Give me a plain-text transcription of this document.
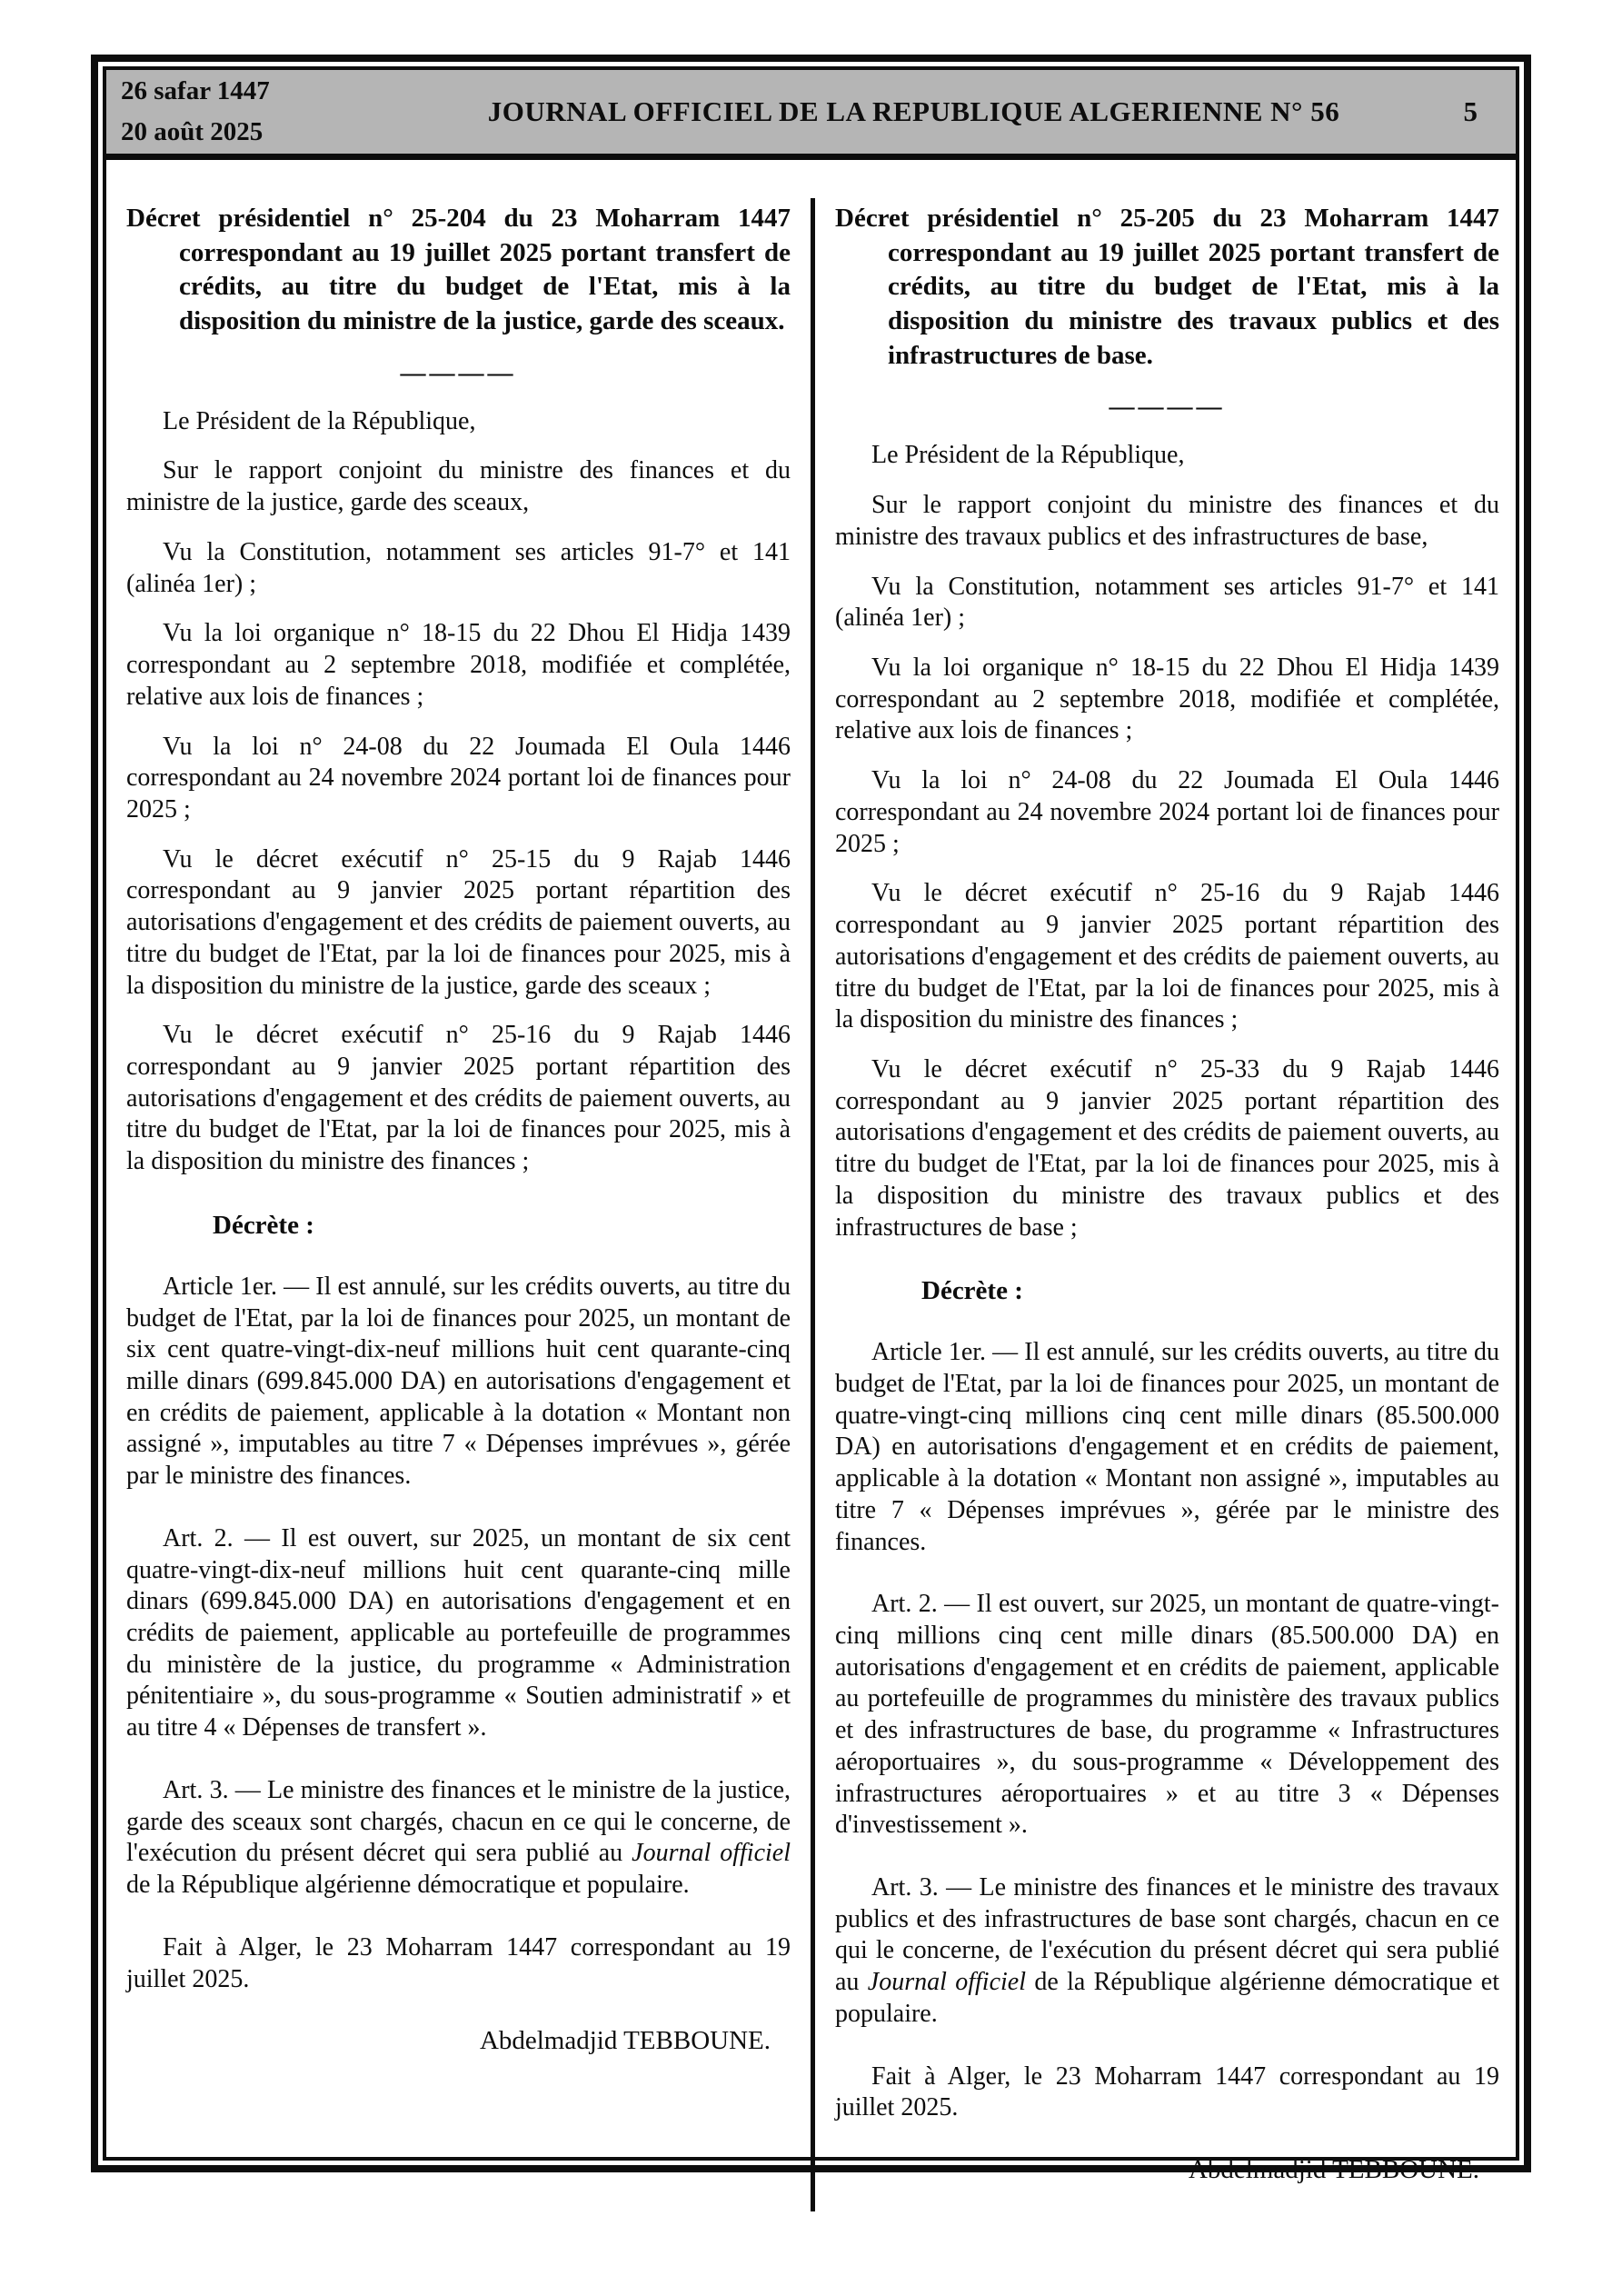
26 safar 1447
20 août 2025
JOURNAL OFFICIEL DE LA REPUBLIQUE ALGERIENNE N° 56	5

Décret présidentiel n° 25-204 du 23 Moharram 1447 correspondant au 19 juillet 2025 portant transfert de crédits, au titre du budget de l'Etat, mis à la disposition du ministre de la justice, garde des sceaux.

————

Le Président de la République,

Sur le rapport conjoint du ministre des finances et du ministre de la justice, garde des sceaux,

Vu la Constitution, notamment ses articles 91-7° et 141 (alinéa 1er) ;

Vu la loi organique n° 18-15 du 22 Dhou El Hidja 1439 correspondant au 2 septembre 2018, modifiée et complétée, relative aux lois de finances ;

Vu la loi n° 24-08 du 22 Joumada El Oula 1446 correspondant au 24 novembre 2024 portant loi de finances pour 2025 ;

Vu le décret exécutif n° 25-15 du 9 Rajab 1446 correspondant au 9 janvier 2025 portant répartition des autorisations d'engagement et des crédits de paiement ouverts, au titre du budget de l'Etat, par la loi de finances pour 2025, mis à la disposition du ministre de la justice, garde des sceaux ;

Vu le décret exécutif n° 25-16 du 9 Rajab 1446 correspondant au 9 janvier 2025 portant répartition des autorisations d'engagement et des crédits de paiement ouverts, au titre du budget de l'Etat, par la loi de finances pour 2025, mis à la disposition du ministre des finances ;

Décrète :

Article 1er. — Il est annulé, sur les crédits ouverts, au titre du budget de l'Etat, par la loi de finances pour 2025, un montant de six cent quatre-vingt-dix-neuf millions huit cent quarante-cinq mille dinars (699.845.000 DA) en autorisations d'engagement et en crédits de paiement, applicable à la dotation « Montant non assigné », imputables au titre 7 « Dépenses imprévues », gérée par le ministre des finances.

Art. 2. — Il est ouvert, sur 2025, un montant de six cent quatre-vingt-dix-neuf millions huit cent quarante-cinq mille dinars (699.845.000 DA) en autorisations d'engagement et en crédits de paiement, applicable au portefeuille de programmes du ministère de la justice, du programme « Administration pénitentiaire », du sous-programme « Soutien administratif » et au titre 4 « Dépenses de transfert ».

Art. 3. — Le ministre des finances et le ministre de la justice, garde des sceaux sont chargés, chacun en ce qui le concerne, de l'exécution du présent décret qui sera publié au Journal officiel de la République algérienne démocratique et populaire.

Fait à Alger, le 23 Moharram 1447 correspondant au 19 juillet 2025.

Abdelmadjid TEBBOUNE.

Décret présidentiel n° 25-205 du 23 Moharram 1447 correspondant au 19 juillet 2025 portant transfert de crédits, au titre du budget de l'Etat, mis à la disposition du ministre des travaux publics et des infrastructures de base.

————

Le Président de la République,

Sur le rapport conjoint du ministre des finances et du ministre des travaux publics et des infrastructures de base,

Vu la Constitution, notamment ses articles 91-7° et 141 (alinéa 1er) ;

Vu la loi organique n° 18-15 du 22 Dhou El Hidja 1439 correspondant au 2 septembre 2018, modifiée et complétée, relative aux lois de finances ;

Vu la loi n° 24-08 du 22 Joumada El Oula 1446 correspondant au 24 novembre 2024 portant loi de finances pour 2025 ;

Vu le décret exécutif n° 25-16 du 9 Rajab 1446 correspondant au 9 janvier 2025 portant répartition des autorisations d'engagement et des crédits de paiement ouverts, au titre du budget de l'Etat, par la loi de finances pour 2025, mis à la disposition du ministre des finances ;

Vu le décret exécutif n° 25-33 du 9 Rajab 1446 correspondant au 9 janvier 2025 portant répartition des autorisations d'engagement et des crédits de paiement ouverts, au titre du budget de l'Etat, par la loi de finances pour 2025, mis à la disposition du ministre des travaux publics et des infrastructures de base ;

Décrète :

Article 1er. — Il est annulé, sur les crédits ouverts, au titre du budget de l'Etat, par la loi de finances pour 2025, un montant de quatre-vingt-cinq millions cinq cent mille dinars (85.500.000 DA) en autorisations d'engagement et en crédits de paiement, applicable à la dotation « Montant non assigné », imputables au titre 7 « Dépenses imprévues », gérée par le ministre des finances.

Art. 2. — Il est ouvert, sur 2025, un montant de quatre-vingt-cinq millions cinq cent mille dinars (85.500.000 DA) en autorisations d'engagement et en crédits de paiement, applicable au portefeuille de programmes du ministère des travaux publics et des infrastructures de base, du programme « Infrastructures aéroportuaires », du sous-programme « Développement des infrastructures aéroportuaires » et au titre 3 « Dépenses d'investissement ».

Art. 3. — Le ministre des finances et le ministre des travaux publics et des infrastructures de base sont chargés, chacun en ce qui le concerne, de l'exécution du présent décret qui sera publié au Journal officiel de la République algérienne démocratique et populaire.

Fait à Alger, le 23 Moharram 1447 correspondant au 19 juillet 2025.

Abdelmadjid TEBBOUNE.
